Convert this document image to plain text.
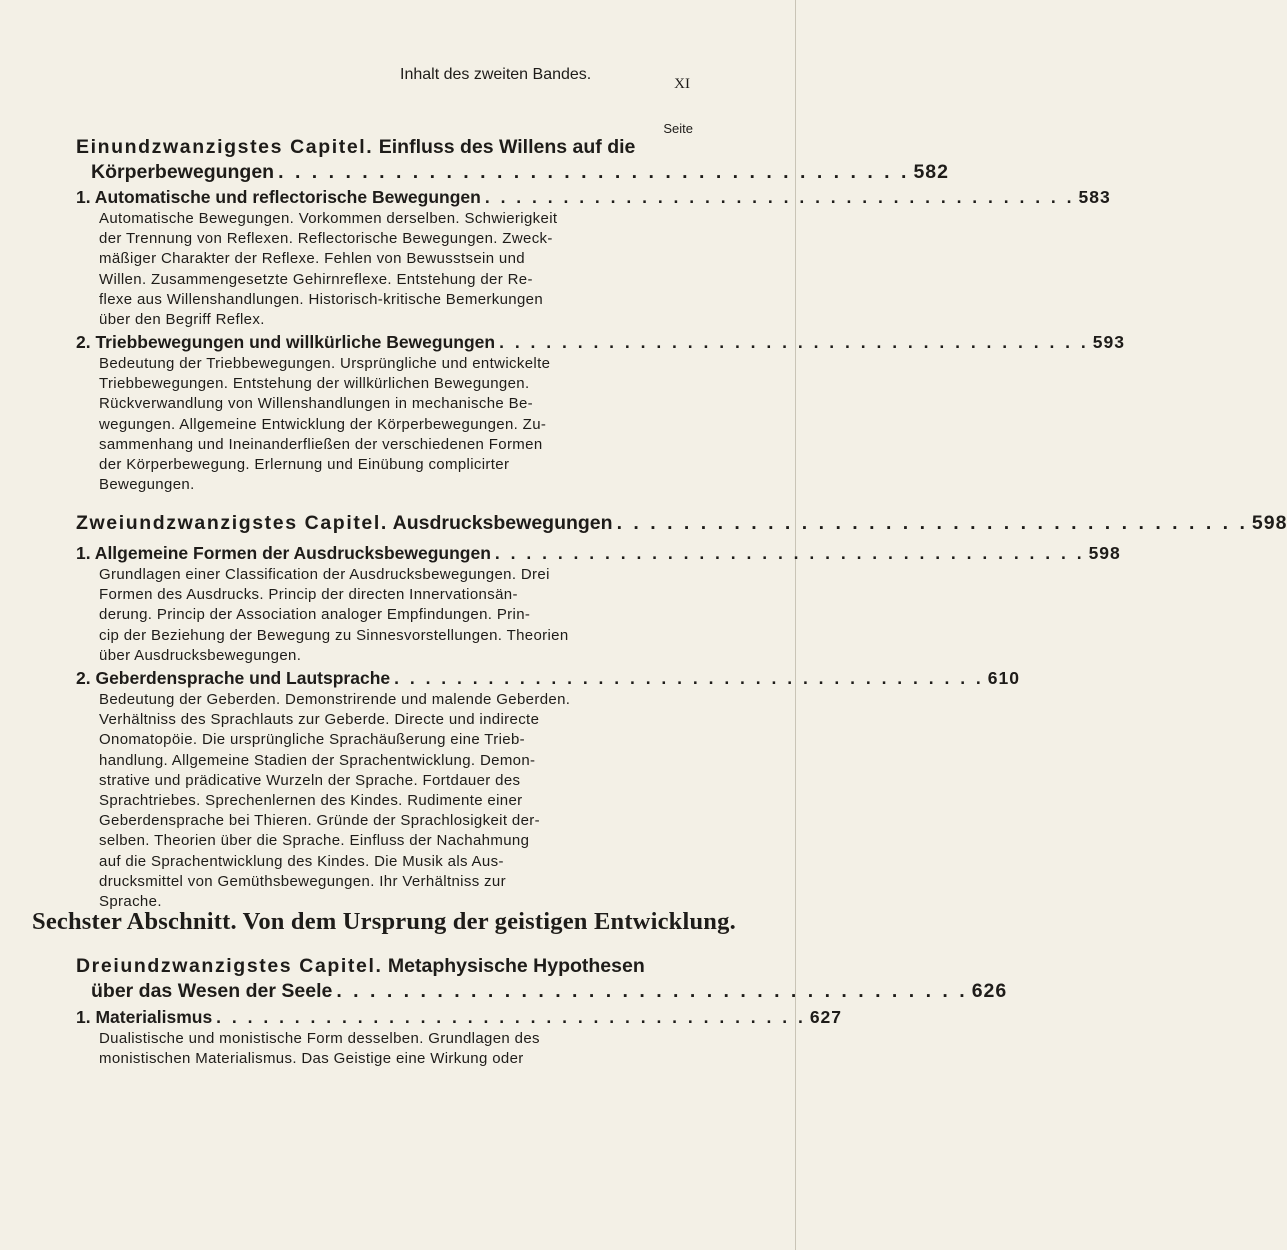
Inhalt des zweiten Bandes.
XI
Seite
Einundzwanzigstes Capitel. Einfluss des Willens auf die
Körperbewegungen . . . . . . . . . . . . . . . . . . . . . . . . . . . . . . . . . . . . . . 582
1. Automatische und reflectorische Bewegungen . . . . . . . . . . . . . . . . . . . . . . . . . . . . . . . . . . . . . . 583
Automatische Bewegungen. Vorkommen derselben. Schwierigkeit
der Trennung von Reflexen. Reflectorische Bewegungen. Zweck-
mäßiger Charakter der Reflexe. Fehlen von Bewusstsein und
Willen. Zusammengesetzte Gehirnreflexe. Entstehung der Re-
flexe aus Willenshandlungen. Historisch-kritische Bemerkungen
über den Begriff Reflex.
2. Triebbewegungen und willkürliche Bewegungen . . . . . . . . . . . . . . . . . . . . . . . . . . . . . . . . . . . . . . 593
Bedeutung der Triebbewegungen. Ursprüngliche und entwickelte
Triebbewegungen. Entstehung der willkürlichen Bewegungen.
Rückverwandlung von Willenshandlungen in mechanische Be-
wegungen. Allgemeine Entwicklung der Körperbewegungen. Zu-
sammenhang und Ineinanderfließen der verschiedenen Formen
der Körperbewegung. Erlernung und Einübung complicirter
Bewegungen.
Zweiundzwanzigstes Capitel. Ausdrucksbewegungen . . . . . . . . . . . . . . . . . . . . . . . . . . . . . . . . . . . . . . 598
1. Allgemeine Formen der Ausdrucksbewegungen . . . . . . . . . . . . . . . . . . . . . . . . . . . . . . . . . . . . . . 598
Grundlagen einer Classification der Ausdrucksbewegungen. Drei
Formen des Ausdrucks. Princip der directen Innervationsän-
derung. Princip der Association analoger Empfindungen. Prin-
cip der Beziehung der Bewegung zu Sinnesvorstellungen. Theorien
über Ausdrucksbewegungen.
2. Geberdensprache und Lautsprache . . . . . . . . . . . . . . . . . . . . . . . . . . . . . . . . . . . . . . 610
Bedeutung der Geberden. Demonstrirende und malende Geberden.
Verhältniss des Sprachlauts zur Geberde. Directe und indirecte
Onomatopöie. Die ursprüngliche Sprachäußerung eine Trieb-
handlung. Allgemeine Stadien der Sprachentwicklung. Demon-
strative und prädicative Wurzeln der Sprache. Fortdauer des
Sprachtriebes. Sprechenlernen des Kindes. Rudimente einer
Geberdensprache bei Thieren. Gründe der Sprachlosigkeit der-
selben. Theorien über die Sprache. Einfluss der Nachahmung
auf die Sprachentwicklung des Kindes. Die Musik als Aus-
drucksmittel von Gemüthsbewegungen. Ihr Verhältniss zur
Sprache.
Sechster Abschnitt. Von dem Ursprung der geistigen Entwicklung.
Dreiundzwanzigstes Capitel. Metaphysische Hypothesen
über das Wesen der Seele . . . . . . . . . . . . . . . . . . . . . . . . . . . . . . . . . . . . . . 626
1. Materialismus . . . . . . . . . . . . . . . . . . . . . . . . . . . . . . . . . . . . . . 627
Dualistische und monistische Form desselben. Grundlagen des
monistischen Materialismus. Das Geistige eine Wirkung oder
